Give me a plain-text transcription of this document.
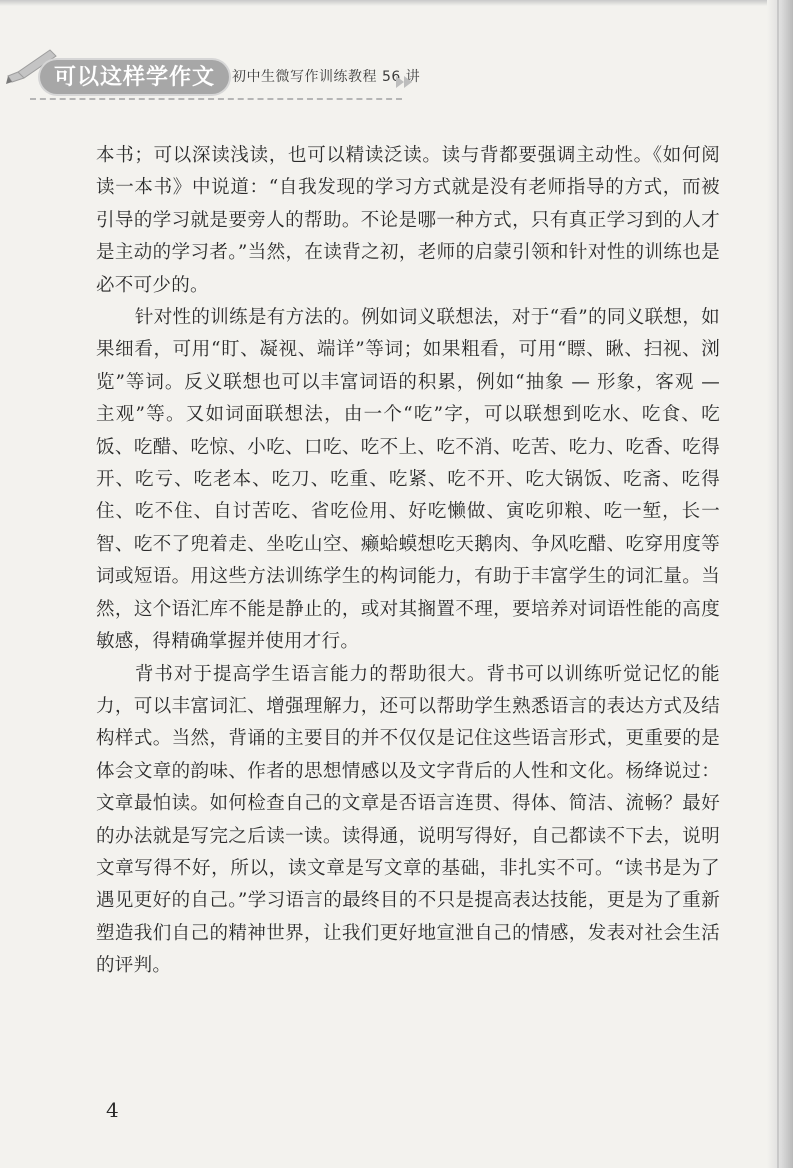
可以这样学作文	初中生微写作训练教程 56 讲

本书；可以深读浅读，也可以精读泛读。读与背都要强调主动性。《如何阅读一本书》中说道：“自我发现的学习方式就是没有老师指导的方式，而被引导的学习就是要旁人的帮助。不论是哪一种方式，只有真正学习到的人才是主动的学习者。”当然，在读背之初，老师的启蒙引领和针对性的训练也是必不可少的。

针对性的训练是有方法的。例如词义联想法，对于“看”的同义联想，如果细看，可用“盯、凝视、端详”等词；如果粗看，可用“瞟、瞅、扫视、浏览”等词。反义联想也可以丰富词语的积累，例如“抽象 — 形象，客观 — 主观”等。又如词面联想法，由一个“吃”字，可以联想到吃水、吃食、吃饭、吃醋、吃惊、小吃、口吃、吃不上、吃不消、吃苦、吃力、吃香、吃得开、吃亏、吃老本、吃刀、吃重、吃紧、吃不开、吃大锅饭、吃斋、吃得住、吃不住、自讨苦吃、省吃俭用、好吃懒做、寅吃卯粮、吃一堑，长一智、吃不了兜着走、坐吃山空、癞蛤蟆想吃天鹅肉、争风吃醋、吃穿用度等词或短语。用这些方法训练学生的构词能力，有助于丰富学生的词汇量。当然，这个语汇库不能是静止的，或对其搁置不理，要培养对词语性能的高度敏感，得精确掌握并使用才行。

背书对于提高学生语言能力的帮助很大。背书可以训练听觉记忆的能力，可以丰富词汇、增强理解力，还可以帮助学生熟悉语言的表达方式及结构样式。当然，背诵的主要目的并不仅仅是记住这些语言形式，更重要的是体会文章的韵味、作者的思想情感以及文字背后的人性和文化。杨绛说过：文章最怕读。如何检查自己的文章是否语言连贯、得体、简洁、流畅？最好的办法就是写完之后读一读。读得通，说明写得好，自己都读不下去，说明文章写得不好，所以，读文章是写文章的基础，非扎实不可。“读书是为了遇见更好的自己。”学习语言的最终目的不只是提高表达技能，更是为了重新塑造我们自己的精神世界，让我们更好地宣泄自己的情感，发表对社会生活的评判。

4
